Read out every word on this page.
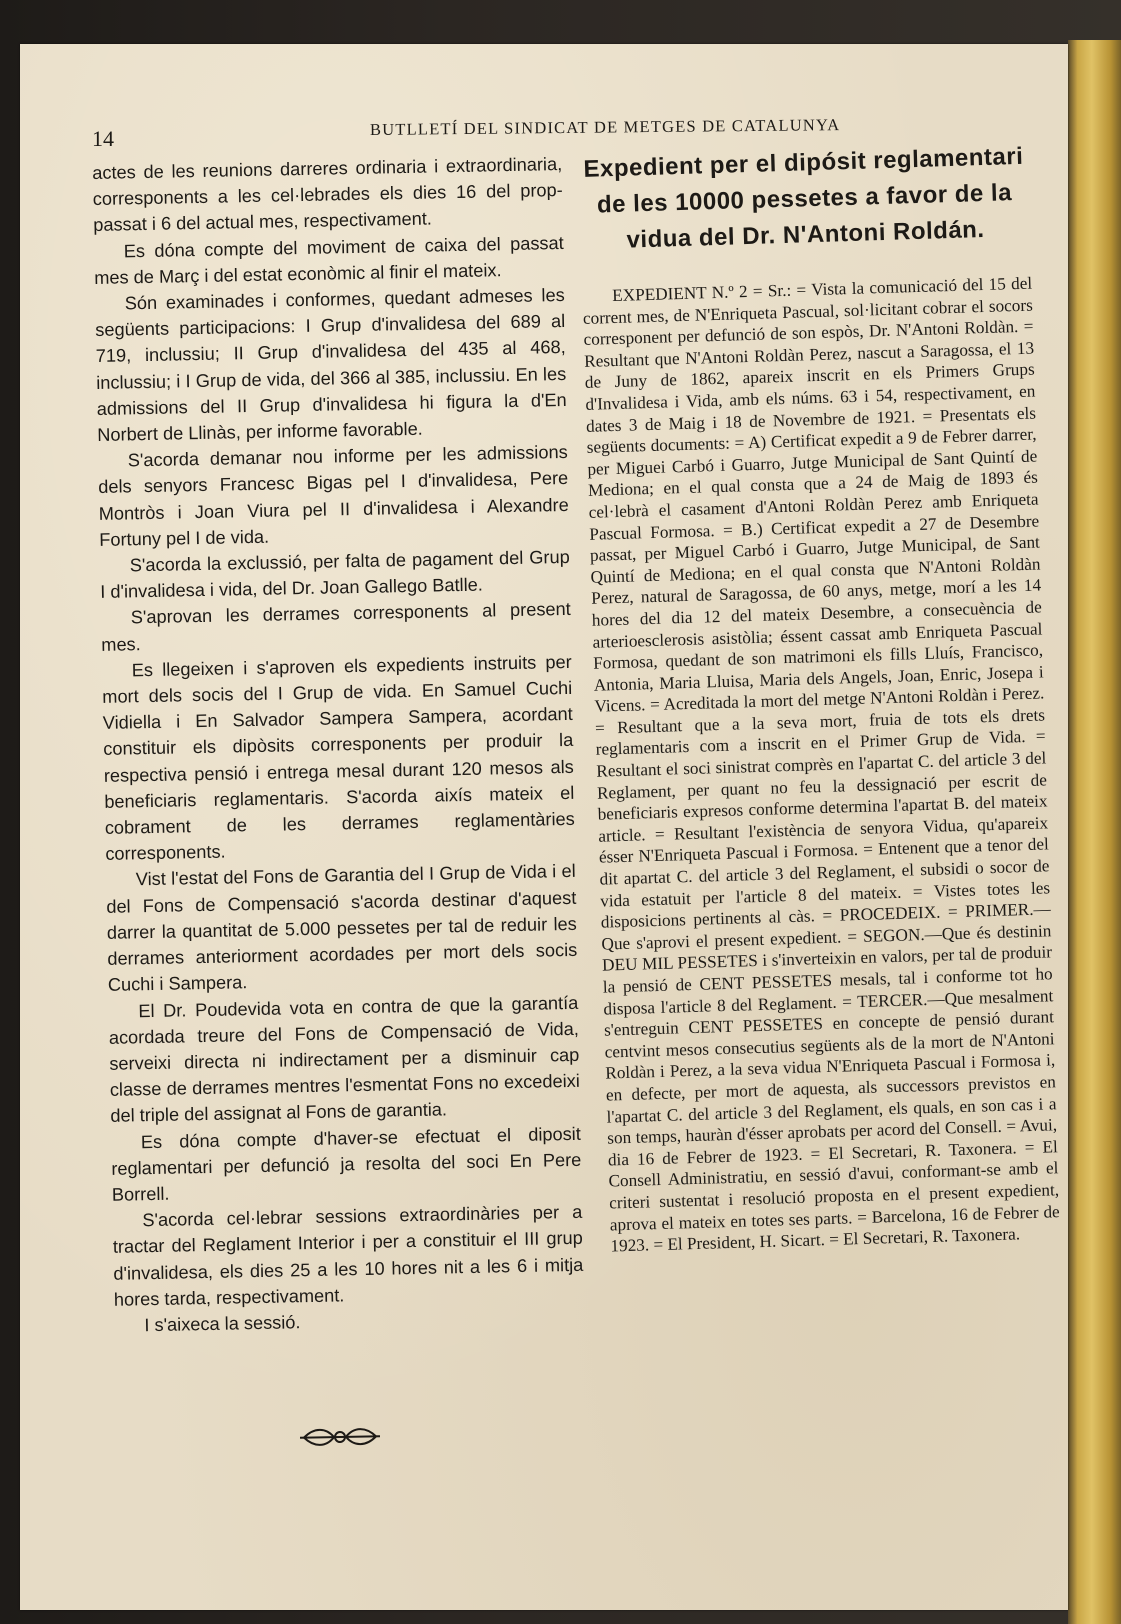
14	BUTLLETÍ DEL SINDICAT DE METGES DE CATALUNYA

actes de les reunions darreres ordinaria i extraordinaria, corresponents a les cel·lebrades els dies 16 del prop-passat i 6 del actual mes, respectivament.

Es dóna compte del moviment de caixa del passat mes de Març i del estat econòmic al finir el mateix.

Són examinades i conformes, quedant admeses les següents participacions: I Grup d'invalidesa del 689 al 719, inclussiu; II Grup d'invalidesa del 435 al 468, inclussiu; i I Grup de vida, del 366 al 385, inclussiu. En les admissions del II Grup d'invalidesa hi figura la d'En Norbert de Llinàs, per informe favorable.

S'acorda demanar nou informe per les admissions dels senyors Francesc Bigas pel I d'invalidesa, Pere Montròs i Joan Viura pel II d'invalidesa i Alexandre Fortuny pel I de vida.

S'acorda la exclussió, per falta de pagament del Grup I d'invalidesa i vida, del Dr. Joan Gallego Batlle.

S'aprovan les derrames corresponents al present mes.

Es llegeixen i s'aproven els expedients instruits per mort dels socis del I Grup de vida. En Samuel Cuchi Vidiella i En Salvador Sampera Sampera, acordant constituir els dipòsits corresponents per produir la respectiva pensió i entrega mesal durant 120 mesos als beneficiaris reglamentaris. S'acorda aixís mateix el cobrament de les derrames reglamentàries corresponents.

Vist l'estat del Fons de Garantia del I Grup de Vida i el del Fons de Compensació s'acorda destinar d'aquest darrer la quantitat de 5.000 pessetes per tal de reduir les derrames anteriorment acordades per mort dels socis Cuchi i Sampera.

El Dr. Poudevida vota en contra de que la garantía acordada treure del Fons de Compensació de Vida, serveixi directa ni indirectament per a disminuir cap classe de derrames mentres l'esmentat Fons no excedeixi del triple del assignat al Fons de garantia.

Es dóna compte d'haver-se efectuat el diposit reglamentari per defunció ja resolta del soci En Pere Borrell.

S'acorda cel·lebrar sessions extraordinàries per a tractar del Reglament Interior i per a constituir el III grup d'invalidesa, els dies 25 a les 10 hores nit a les 6 i mitja hores tarda, respectivament.

I s'aixeca la sessió.

Expedient per el dipósit reglamentari
de les 10000 pessetes a favor de la
vidua del Dr. N'Antoni Roldán.

EXPEDIENT N.º 2 = Sr.: = Vista la comunicació del 15 del corrent mes, de N'Enriqueta Pascual, sol·licitant cobrar el socors corresponent per defunció de son espòs, Dr. N'Antoni Roldàn. = Resultant que N'Antoni Roldàn Perez, nascut a Saragossa, el 13 de Juny de 1862, apareix inscrit en els Primers Grups d'Invalidesa i Vida, amb els núms. 63 i 54, respectivament, en dates 3 de Maig i 18 de Novembre de 1921. = Presentats els següents documents: = A) Certificat expedit a 9 de Febrer darrer, per Miguei Carbó i Guarro, Jutge Municipal de Sant Quintí de Mediona; en el qual consta que a 24 de Maig de 1893 és cel·lebrà el casament d'Antoni Roldàn Perez amb Enriqueta Pascual Formosa. = B.) Certificat expedit a 27 de Desembre passat, per Miguel Carbó i Guarro, Jutge Municipal, de Sant Quintí de Mediona; en el qual consta que N'Antoni Roldàn Perez, natural de Saragossa, de 60 anys, metge, morí a les 14 hores del dia 12 del mateix Desembre, a consecuència de arterioesclerosis asistòlia; éssent cassat amb Enriqueta Pascual Formosa, quedant de son matrimoni els fills Lluís, Francisco, Antonia, Maria Lluisa, Maria dels Angels, Joan, Enric, Josepa i Vicens. = Acreditada la mort del metge N'Antoni Roldàn i Perez. = Resultant que a la seva mort, fruia de tots els drets reglamentaris com a inscrit en el Primer Grup de Vida. = Resultant el soci sinistrat comprès en l'apartat C. del article 3 del Reglament, per quant no feu la dessignació per escrit de beneficiaris expresos conforme determina l'apartat B. del mateix article. = Resultant l'existència de senyora Vidua, qu'apareix ésser N'Enriqueta Pascual i Formosa. = Entenent que a tenor del dit apartat C. del article 3 del Reglament, el subsidi o socor de vida estatuit per l'article 8 del mateix. = Vistes totes les disposicions pertinents al càs. = PROCEDEIX. = PRIMER.—Que s'aprovi el present expedient. = SEGON.—Que és destinin DEU MIL PESSETES i s'inverteixin en valors, per tal de produir la pensió de CENT PESSETES mesals, tal i conforme tot ho disposa l'article 8 del Reglament. = TERCER.—Que mesalment s'entreguin CENT PESSETES en concepte de pensió durant centvint mesos consecutius següents als de la mort de N'Antoni Roldàn i Perez, a la seva vidua N'Enriqueta Pascual i Formosa i, en defecte, per mort de aquesta, als successors previstos en l'apartat C. del article 3 del Reglament, els quals, en son cas i a son temps, hauràn d'ésser aprobats per acord del Consell. = Avui, dia 16 de Febrer de 1923. = El Secretari, R. Taxonera. = El Consell Administratiu, en sessió d'avui, conformant-se amb el criteri sustentat i resolució proposta en el present expedient, aprova el mateix en totes ses parts. = Barcelona, 16 de Febrer de 1923. = El President, H. Sicart. = El Secretari, R. Taxonera.
